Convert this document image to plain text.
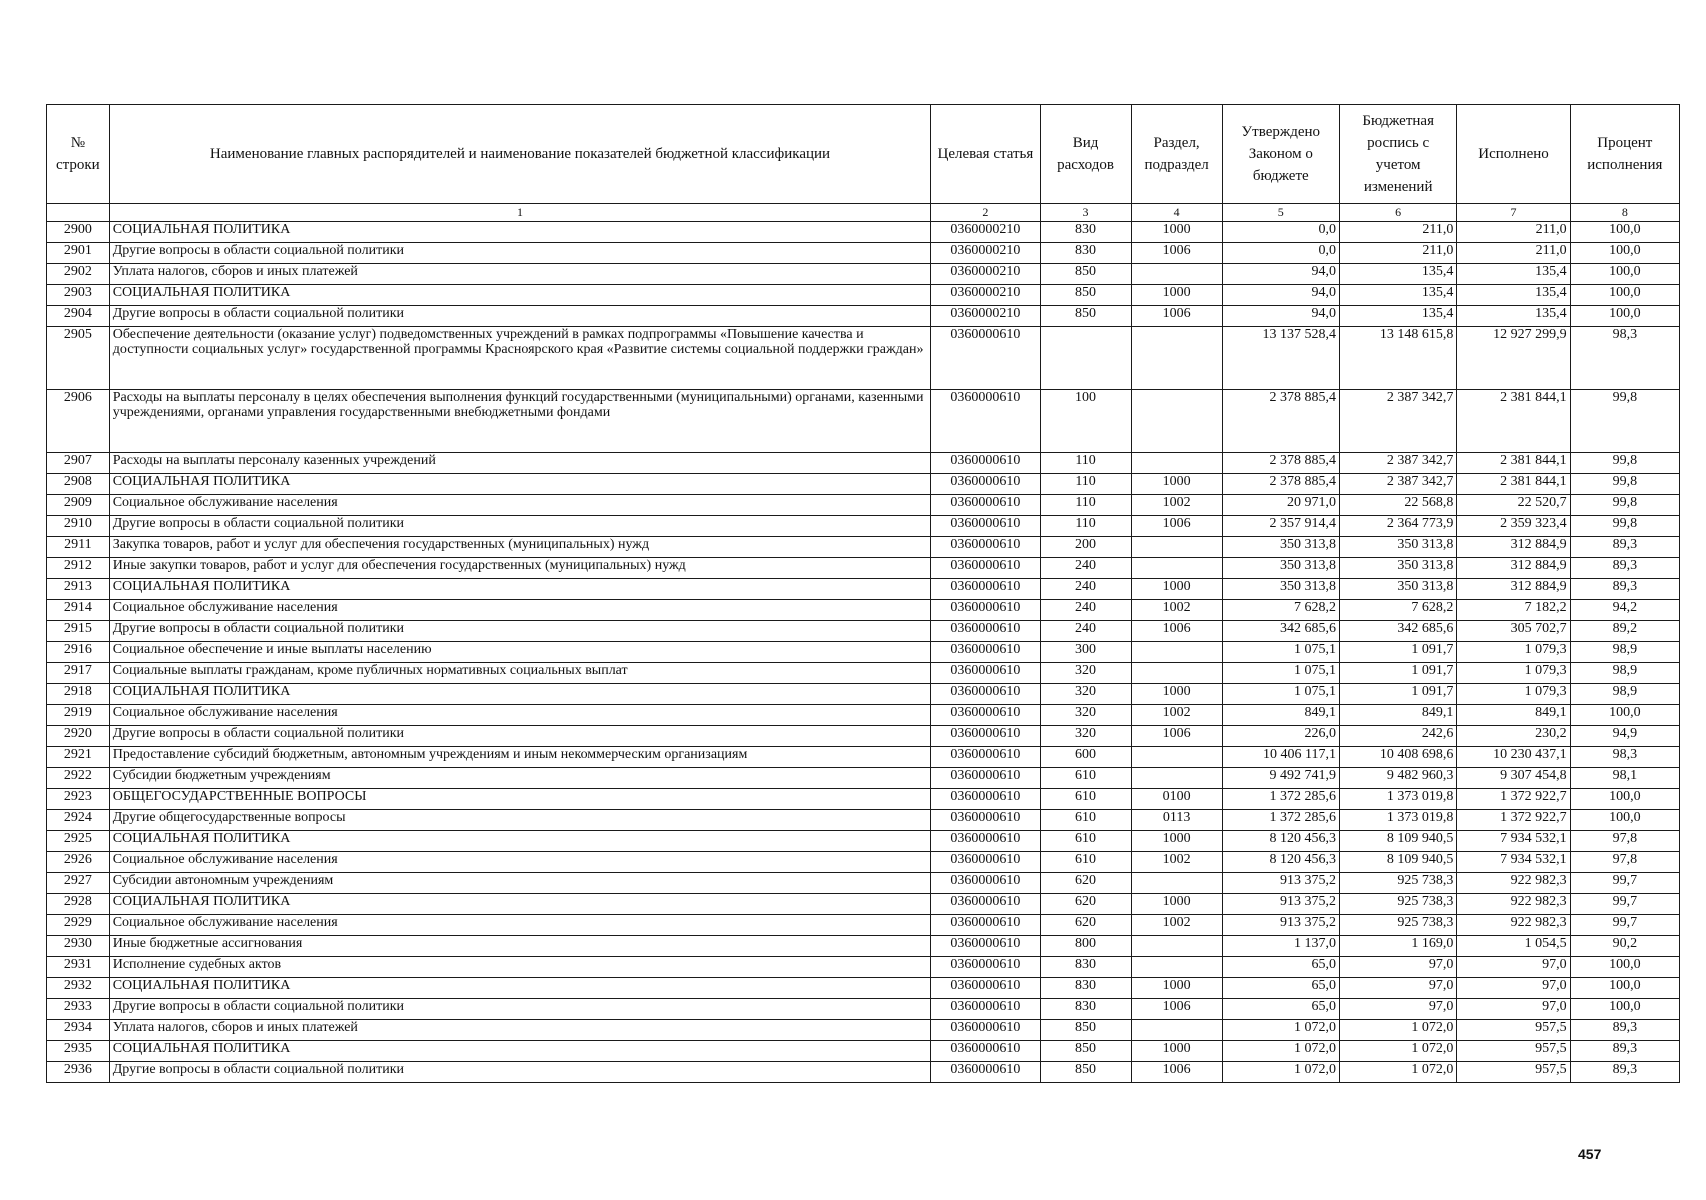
№ строки	Наименование главных распорядителей и наименование показателей бюджетной классификации	Целевая статья	Вид расходов	Раздел, подраздел	Утверждено Законом о бюджете	Бюджетная роспись с учетом изменений	Исполнено	Процент исполнения
	1	2	3	4	5	6	7	8
2900	СОЦИАЛЬНАЯ ПОЛИТИКА	0360000210	830	1000	0,0	211,0	211,0	100,0
2901	Другие вопросы в области социальной политики	0360000210	830	1006	0,0	211,0	211,0	100,0
2902	Уплата налогов, сборов и иных платежей	0360000210	850		94,0	135,4	135,4	100,0
2903	СОЦИАЛЬНАЯ ПОЛИТИКА	0360000210	850	1000	94,0	135,4	135,4	100,0
2904	Другие вопросы в области социальной политики	0360000210	850	1006	94,0	135,4	135,4	100,0
2905	Обеспечение деятельности (оказание услуг) подведомственных учреждений в рамках подпрограммы «Повышение качества и доступности социальных услуг» государственной программы Красноярского края «Развитие системы социальной поддержки граждан»	0360000610			13 137 528,4	13 148 615,8	12 927 299,9	98,3
2906	Расходы на выплаты персоналу в целях обеспечения выполнения функций государственными (муниципальными) органами, казенными учреждениями, органами управления государственными внебюджетными фондами	0360000610	100		2 378 885,4	2 387 342,7	2 381 844,1	99,8
2907	Расходы на выплаты персоналу казенных учреждений	0360000610	110		2 378 885,4	2 387 342,7	2 381 844,1	99,8
2908	СОЦИАЛЬНАЯ ПОЛИТИКА	0360000610	110	1000	2 378 885,4	2 387 342,7	2 381 844,1	99,8
2909	Социальное обслуживание населения	0360000610	110	1002	20 971,0	22 568,8	22 520,7	99,8
2910	Другие вопросы в области социальной политики	0360000610	110	1006	2 357 914,4	2 364 773,9	2 359 323,4	99,8
2911	Закупка товаров, работ и услуг для обеспечения государственных (муниципальных) нужд	0360000610	200		350 313,8	350 313,8	312 884,9	89,3
2912	Иные закупки товаров, работ и услуг для обеспечения государственных (муниципальных) нужд	0360000610	240		350 313,8	350 313,8	312 884,9	89,3
2913	СОЦИАЛЬНАЯ ПОЛИТИКА	0360000610	240	1000	350 313,8	350 313,8	312 884,9	89,3
2914	Социальное обслуживание населения	0360000610	240	1002	7 628,2	7 628,2	7 182,2	94,2
2915	Другие вопросы в области социальной политики	0360000610	240	1006	342 685,6	342 685,6	305 702,7	89,2
2916	Социальное обеспечение и иные выплаты населению	0360000610	300		1 075,1	1 091,7	1 079,3	98,9
2917	Социальные выплаты гражданам, кроме публичных нормативных социальных выплат	0360000610	320		1 075,1	1 091,7	1 079,3	98,9
2918	СОЦИАЛЬНАЯ ПОЛИТИКА	0360000610	320	1000	1 075,1	1 091,7	1 079,3	98,9
2919	Социальное обслуживание населения	0360000610	320	1002	849,1	849,1	849,1	100,0
2920	Другие вопросы в области социальной политики	0360000610	320	1006	226,0	242,6	230,2	94,9
2921	Предоставление субсидий бюджетным, автономным учреждениям и иным некоммерческим организациям	0360000610	600		10 406 117,1	10 408 698,6	10 230 437,1	98,3
2922	Субсидии бюджетным учреждениям	0360000610	610		9 492 741,9	9 482 960,3	9 307 454,8	98,1
2923	ОБЩЕГОСУДАРСТВЕННЫЕ ВОПРОСЫ	0360000610	610	0100	1 372 285,6	1 373 019,8	1 372 922,7	100,0
2924	Другие общегосударственные вопросы	0360000610	610	0113	1 372 285,6	1 373 019,8	1 372 922,7	100,0
2925	СОЦИАЛЬНАЯ ПОЛИТИКА	0360000610	610	1000	8 120 456,3	8 109 940,5	7 934 532,1	97,8
2926	Социальное обслуживание населения	0360000610	610	1002	8 120 456,3	8 109 940,5	7 934 532,1	97,8
2927	Субсидии автономным учреждениям	0360000610	620		913 375,2	925 738,3	922 982,3	99,7
2928	СОЦИАЛЬНАЯ ПОЛИТИКА	0360000610	620	1000	913 375,2	925 738,3	922 982,3	99,7
2929	Социальное обслуживание населения	0360000610	620	1002	913 375,2	925 738,3	922 982,3	99,7
2930	Иные бюджетные ассигнования	0360000610	800		1 137,0	1 169,0	1 054,5	90,2
2931	Исполнение судебных актов	0360000610	830		65,0	97,0	97,0	100,0
2932	СОЦИАЛЬНАЯ ПОЛИТИКА	0360000610	830	1000	65,0	97,0	97,0	100,0
2933	Другие вопросы в области социальной политики	0360000610	830	1006	65,0	97,0	97,0	100,0
2934	Уплата налогов, сборов и иных платежей	0360000610	850		1 072,0	1 072,0	957,5	89,3
2935	СОЦИАЛЬНАЯ ПОЛИТИКА	0360000610	850	1000	1 072,0	1 072,0	957,5	89,3
2936	Другие вопросы в области социальной политики	0360000610	850	1006	1 072,0	1 072,0	957,5	89,3
457
